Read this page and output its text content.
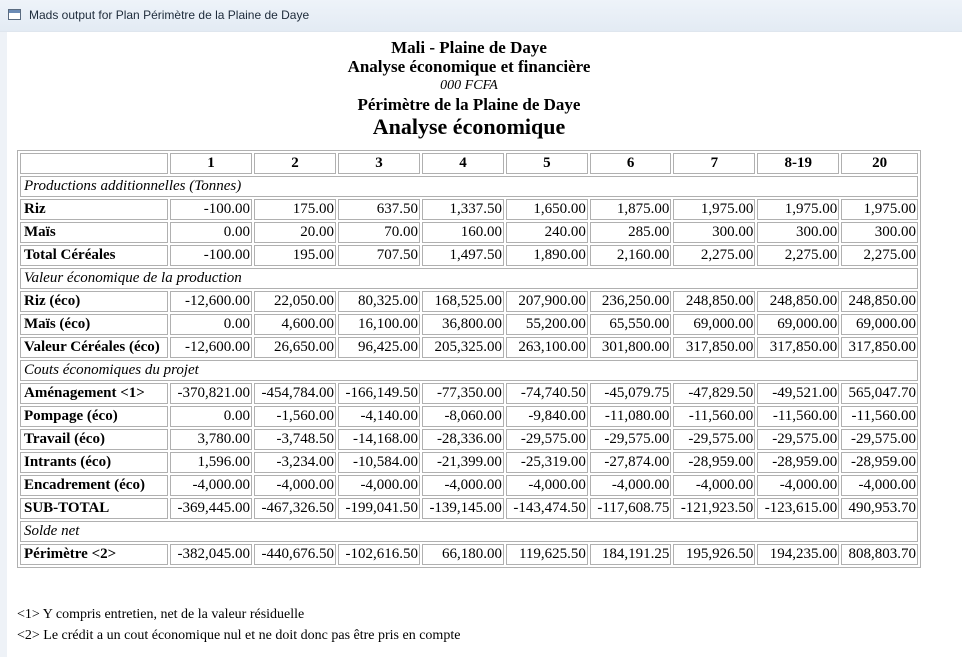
Mads output for Plan Périmètre de la Plaine de Daye
Mali - Plaine de Daye
Analyse économique et financière
000 FCFA
Périmètre de la Plaine de Daye
Analyse économique
	1	2	3	4	5	6	7	8-19	20
Productions additionnelles (Tonnes)									
Riz	-100.00	175.00	637.50	1,337.50	1,650.00	1,875.00	1,975.00	1,975.00	1,975.00
Maïs	0.00	20.00	70.00	160.00	240.00	285.00	300.00	300.00	300.00
Total Céréales	-100.00	195.00	707.50	1,497.50	1,890.00	2,160.00	2,275.00	2,275.00	2,275.00
Valeur économique de la production									
Riz (éco)	-12,600.00	22,050.00	80,325.00	168,525.00	207,900.00	236,250.00	248,850.00	248,850.00	248,850.00
Maïs (éco)	0.00	4,600.00	16,100.00	36,800.00	55,200.00	65,550.00	69,000.00	69,000.00	69,000.00
Valeur Céréales (éco)	-12,600.00	26,650.00	96,425.00	205,325.00	263,100.00	301,800.00	317,850.00	317,850.00	317,850.00
Couts économiques du projet									
Aménagement <1>	-370,821.00	-454,784.00	-166,149.50	-77,350.00	-74,740.50	-45,079.75	-47,829.50	-49,521.00	565,047.70
Pompage (éco)	0.00	-1,560.00	-4,140.00	-8,060.00	-9,840.00	-11,080.00	-11,560.00	-11,560.00	-11,560.00
Travail (éco)	3,780.00	-3,748.50	-14,168.00	-28,336.00	-29,575.00	-29,575.00	-29,575.00	-29,575.00	-29,575.00
Intrants (éco)	1,596.00	-3,234.00	-10,584.00	-21,399.00	-25,319.00	-27,874.00	-28,959.00	-28,959.00	-28,959.00
Encadrement (éco)	-4,000.00	-4,000.00	-4,000.00	-4,000.00	-4,000.00	-4,000.00	-4,000.00	-4,000.00	-4,000.00
SUB-TOTAL	-369,445.00	-467,326.50	-199,041.50	-139,145.00	-143,474.50	-117,608.75	-121,923.50	-123,615.00	490,953.70
Solde net									
Périmètre <2>	-382,045.00	-440,676.50	-102,616.50	66,180.00	119,625.50	184,191.25	195,926.50	194,235.00	808,803.70
<1> Y compris entretien, net de la valeur résiduelle
<2> Le crédit a un cout économique nul et ne doit donc pas être pris en compte
